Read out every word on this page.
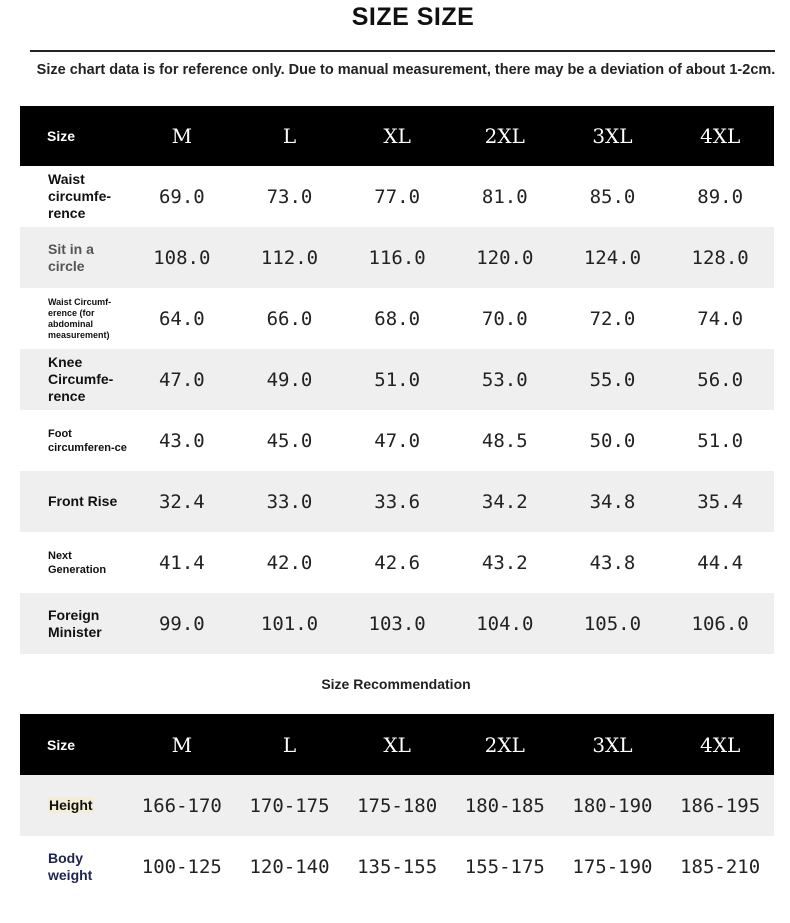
SIZE SIZE
Size chart data is for reference only. Due to manual measurement, there may be a deviation of about 1-2cm.
Size	M	L	XL	2XL	3XL	4XL
Waist circumfe-rence	69.0	73.0	77.0	81.0	85.0	89.0
Sit in a circle	108.0	112.0	116.0	120.0	124.0	128.0
Waist Circumf-erence (for abdominal measurement)	64.0	66.0	68.0	70.0	72.0	74.0
Knee Circumfe-rence	47.0	49.0	51.0	53.0	55.0	56.0
Foot circumferen-ce	43.0	45.0	47.0	48.5	50.0	51.0
Front Rise	32.4	33.0	33.6	34.2	34.8	35.4
Next Generation	41.4	42.0	42.6	43.2	43.8	44.4
Foreign Minister	99.0	101.0	103.0	104.0	105.0	106.0
Size Recommendation
Size	M	L	XL	2XL	3XL	4XL
Height	166-170	170-175	175-180	180-185	180-190	186-195
Body weight	100-125	120-140	135-155	155-175	175-190	185-210
